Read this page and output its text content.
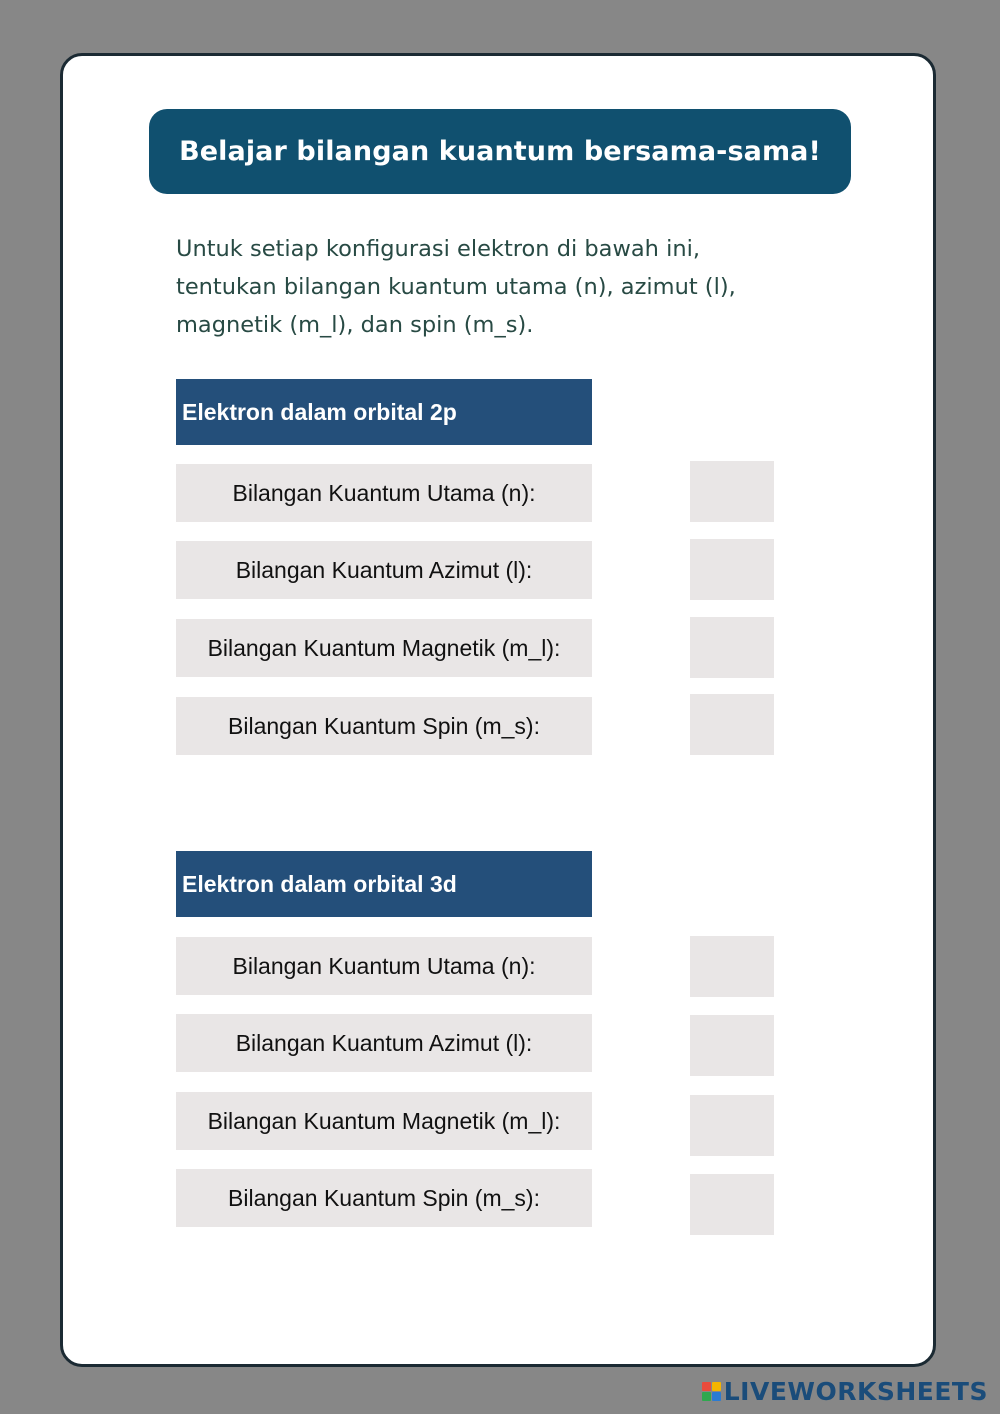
Belajar bilangan kuantum bersama-sama!
Untuk setiap konfigurasi elektron di bawah ini,
tentukan bilangan kuantum utama (n), azimut (l),
magnetik (m_l), dan spin (m_s).
Elektron dalam orbital 2p
Bilangan Kuantum Utama (n):
Bilangan Kuantum Azimut (l):
Bilangan Kuantum Magnetik (m_l):
Bilangan Kuantum Spin (m_s):
Elektron dalam orbital 3d
Bilangan Kuantum Utama (n):
Bilangan Kuantum Azimut (l):
Bilangan Kuantum Magnetik (m_l):
Bilangan Kuantum Spin (m_s):
LIVEWORKSHEETS
